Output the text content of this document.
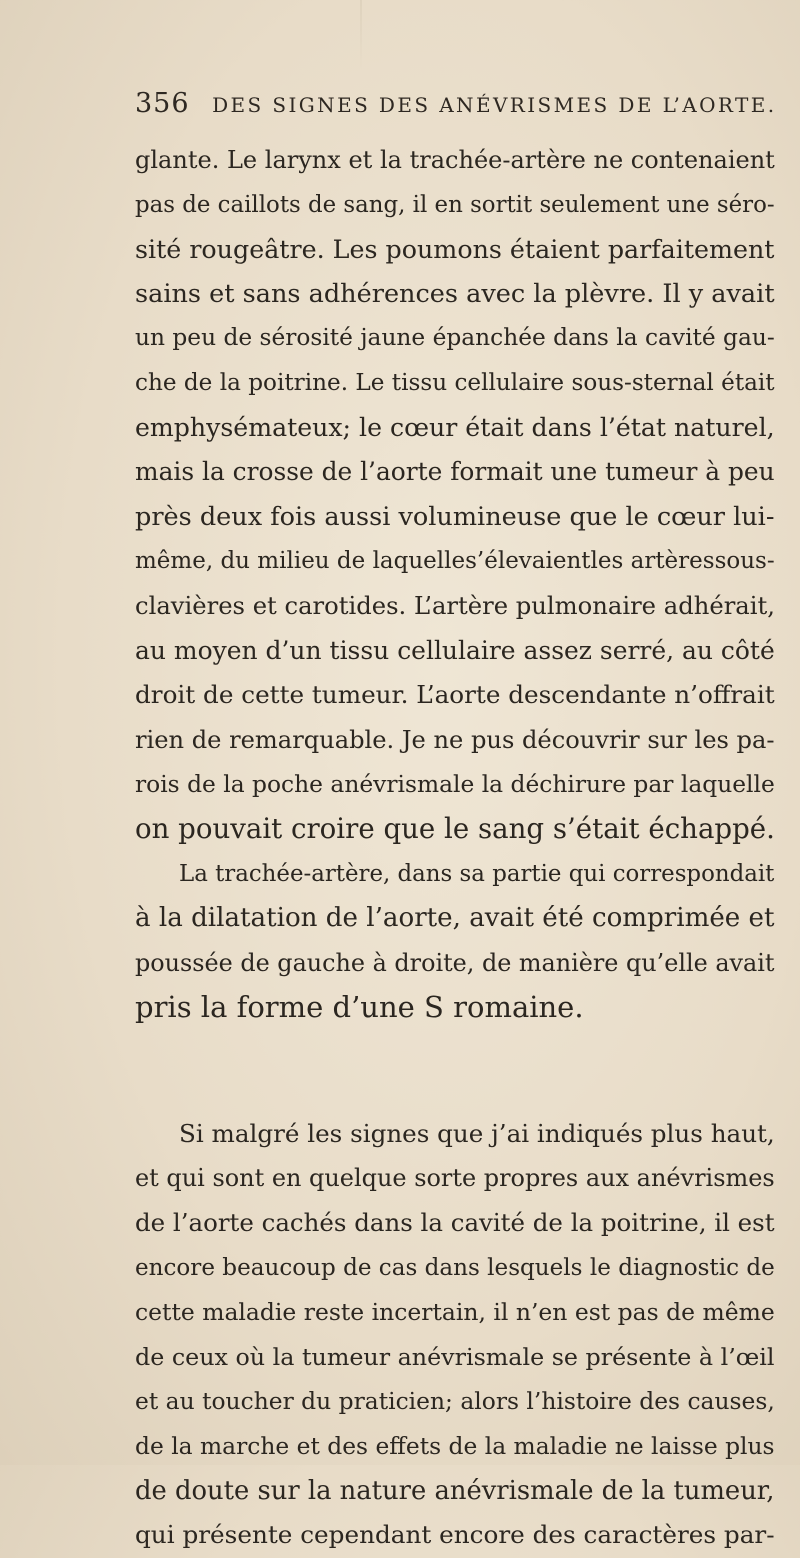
356 DES SIGNES DES ANÉVRISMES DE L’AORTE.
glante. Le larynx et la trachée-artère ne contenaient
pas de caillots de sang, il en sortit seulement une séro-
sité rougeâtre. Les poumons étaient parfaitement
sains et sans adhérences avec la plèvre. Il y avait
un peu de sérosité jaune épanchée dans la cavité gau-
che de la poitrine. Le tissu cellulaire sous-sternal était
emphysémateux; le cœur était dans l’état naturel,
mais la crosse de l’aorte formait une tumeur à peu
près deux fois aussi volumineuse que le cœur lui-
même, du milieu de laquelles’élevaientles artèressous-
clavières et carotides. L’artère pulmonaire adhérait,
au moyen d’un tissu cellulaire assez serré, au côté
droit de cette tumeur. L’aorte descendante n’offrait
rien de remarquable. Je ne pus découvrir sur les pa-
rois de la poche anévrismale la déchirure par laquelle
on pouvait croire que le sang s’était échappé.
La trachée-artère, dans sa partie qui correspondait
à la dilatation de l’aorte, avait été comprimée et
poussée de gauche à droite, de manière qu’elle avait
pris la forme d’une S romaine.
Si malgré les signes que j’ai indiqués plus haut,
et qui sont en quelque sorte propres aux anévrismes
de l’aorte cachés dans la cavité de la poitrine, il est
encore beaucoup de cas dans lesquels le diagnostic de
cette maladie reste incertain, il n’en est pas de même
de ceux où la tumeur anévrismale se présente à l’œil
et au toucher du praticien; alors l’histoire des causes,
de la marche et des effets de la maladie ne laisse plus
de doute sur la nature anévrismale de la tumeur,
qui présente cependant encore des caractères par-
